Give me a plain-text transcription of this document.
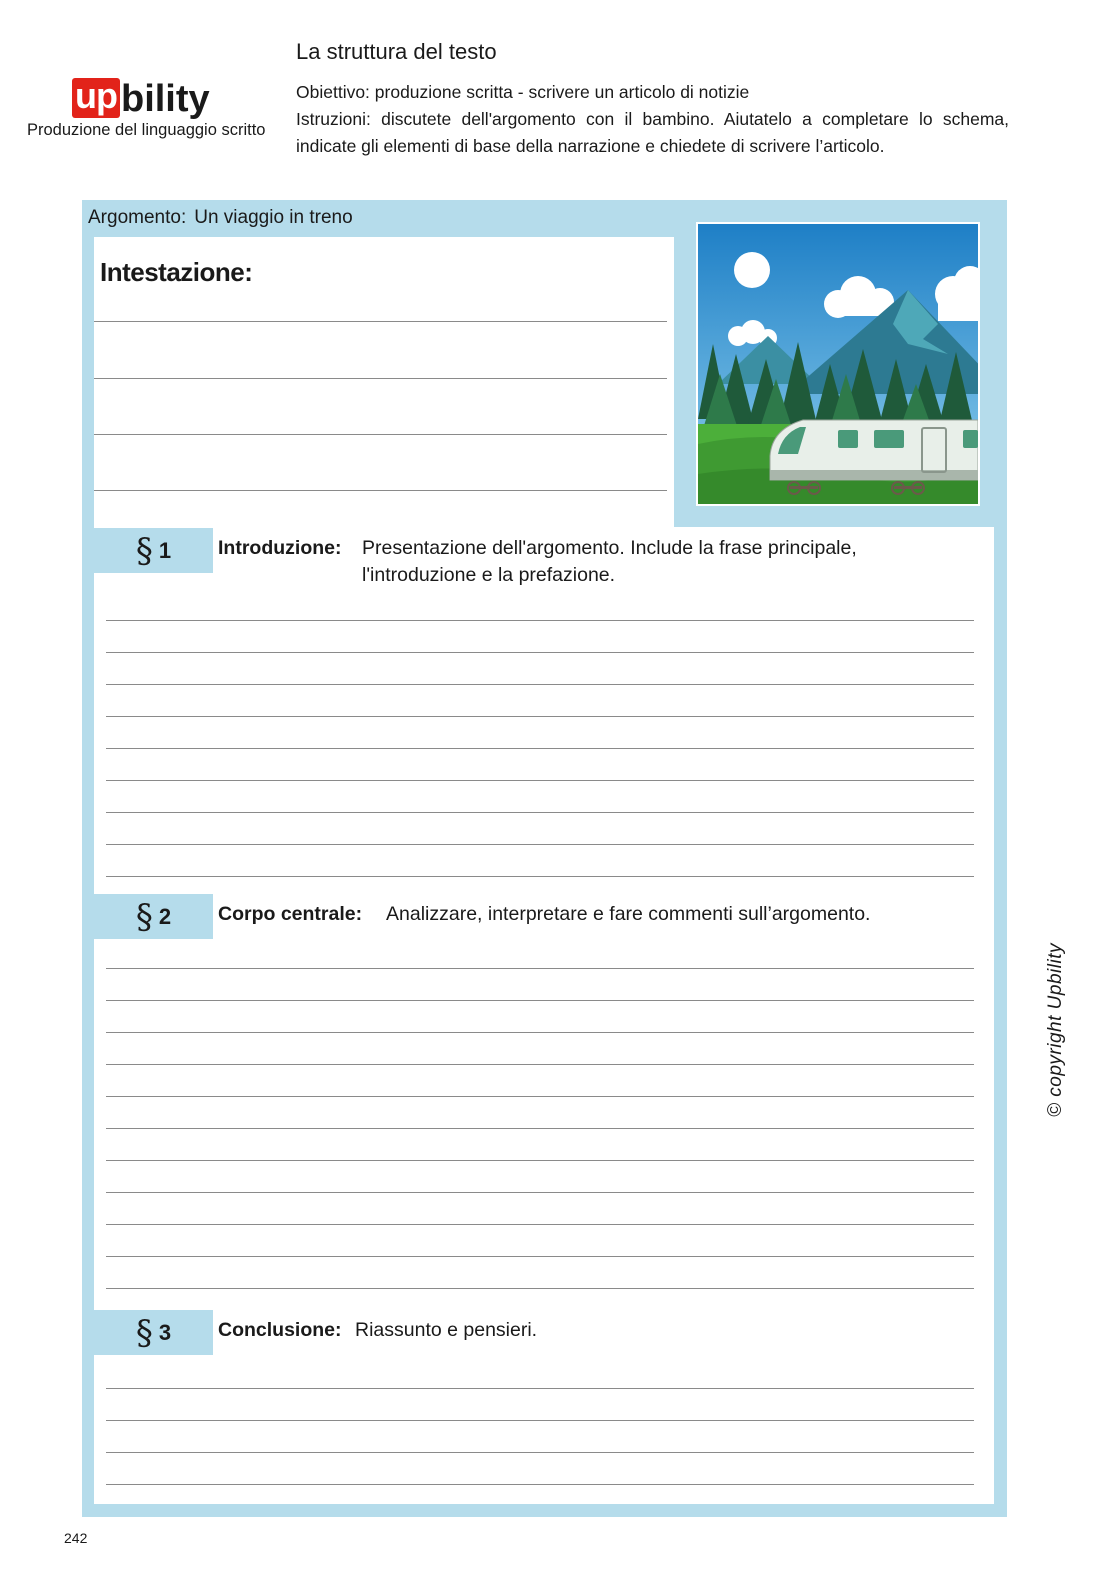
up bility
Produzione del linguaggio scritto
La struttura del testo
Obiettivo: produzione scritta - scrivere un articolo di notizie
Istruzioni: discutete dell'argomento con il bambino. Aiutatelo a completare lo schema, indicate gli elementi di base della narrazione e chiedete di scrivere l’articolo.
Argomento: Un viaggio in treno
Intestazione:
§ 1 Introduzione: Presentazione dell'argomento. Include la frase principale,
l'introduzione e la prefazione.
§ 2 Corpo centrale: Analizzare, interpretare e fare commenti sull’argomento.
§ 3 Conclusione: Riassunto e pensieri.
© copyright Upbility
242
